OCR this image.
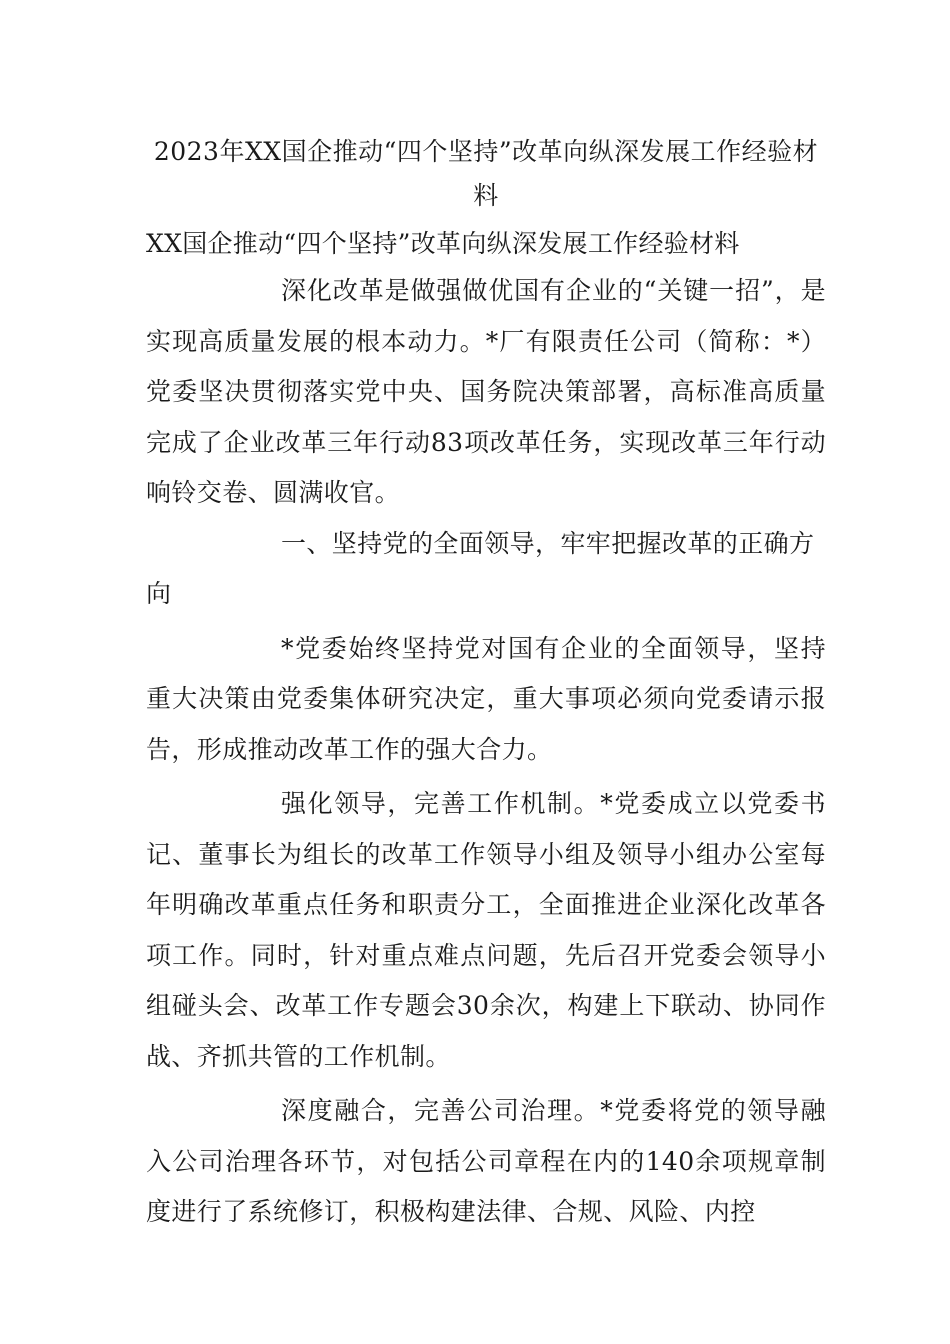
2023年XX国企推动“四个坚持”改革向纵深发展工作经验材料

XX国企推动“四个坚持”改革向纵深发展工作经验材料

深化改革是做强做优国有企业的“关键一招”，是实现高质量发展的根本动力。*厂有限责任公司（简称：*）党委坚决贯彻落实党中央、国务院决策部署，高标准高质量完成了企业改革三年行动83项改革任务，实现改革三年行动响铃交卷、圆满收官。

一、坚持党的全面领导，牢牢把握改革的正确方向

*党委始终坚持党对国有企业的全面领导，坚持重大决策由党委集体研究决定，重大事项必须向党委请示报告，形成推动改革工作的强大合力。

强化领导，完善工作机制。*党委成立以党委书记、董事长为组长的改革工作领导小组及领导小组办公室每年明确改革重点任务和职责分工，全面推进企业深化改革各项工作。同时，针对重点难点问题，先后召开党委会领导小组碰头会、改革工作专题会30余次，构建上下联动、协同作战、齐抓共管的工作机制。

深度融合，完善公司治理。*党委将党的领导融入公司治理各环节，对包括公司章程在内的140余项规章制度进行了系统修订，积极构建法律、合规、风险、内控
